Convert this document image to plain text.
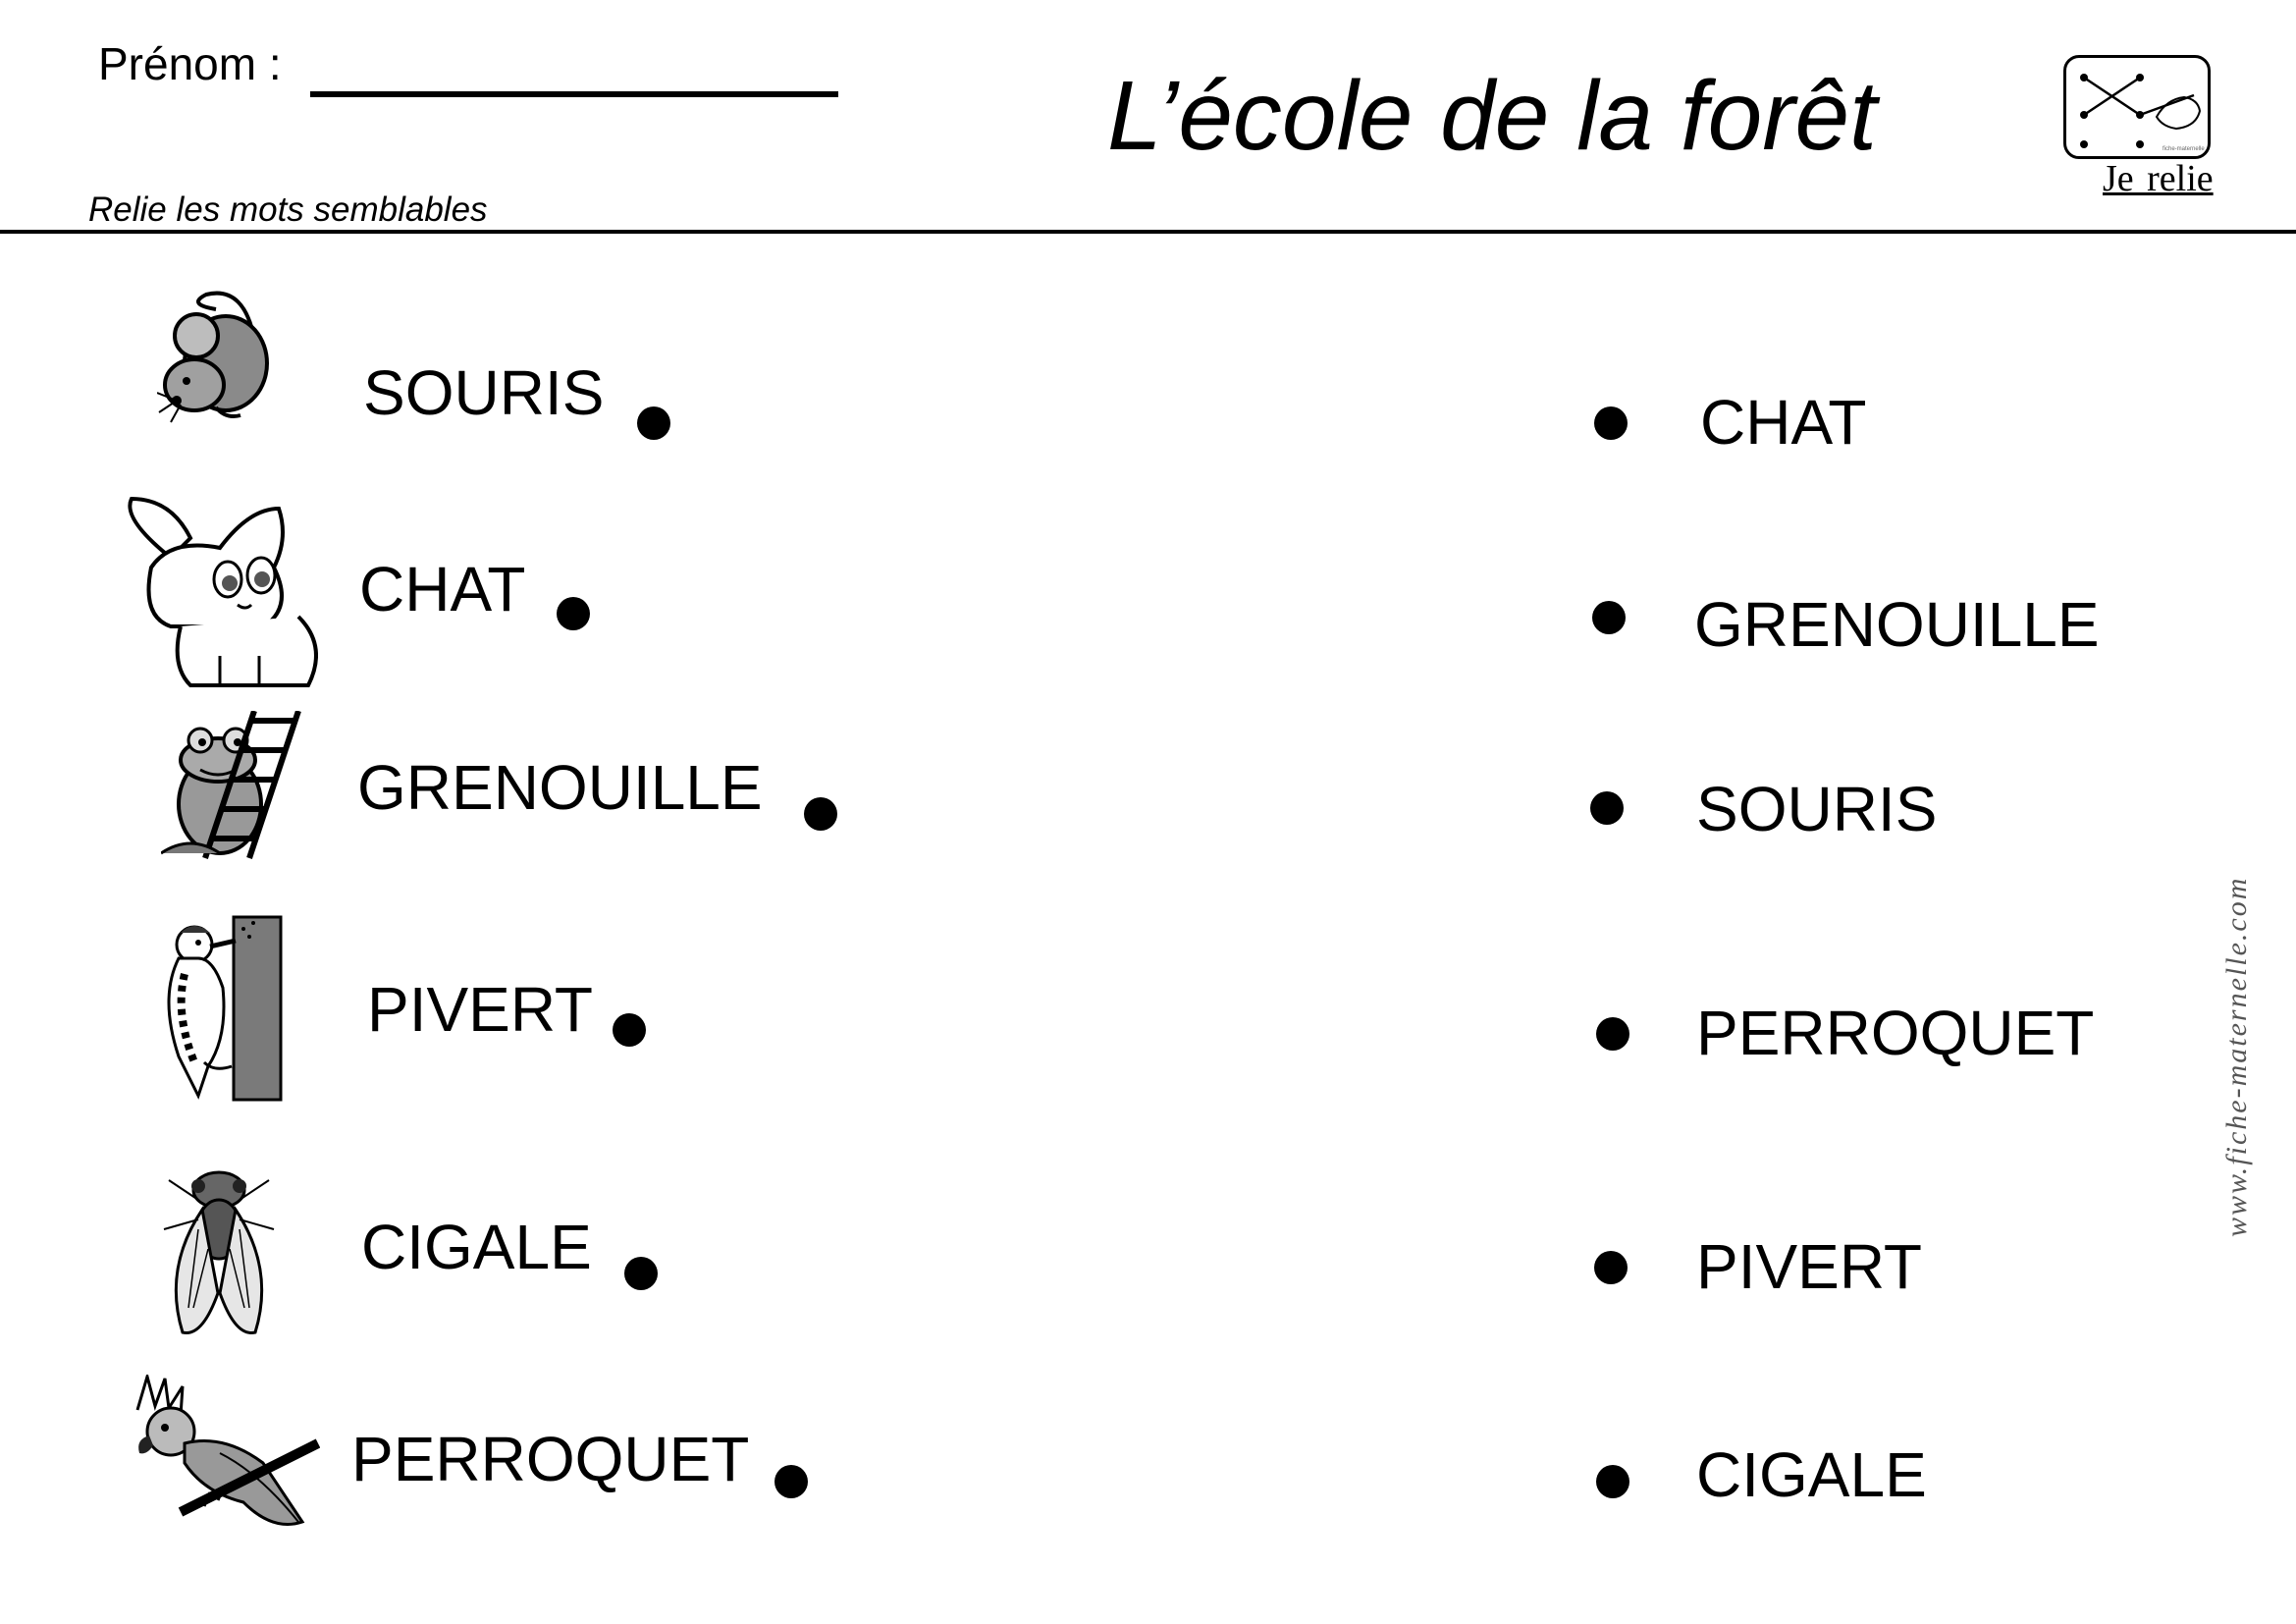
Prénom :	L’école de la forêt
Relie les mots semblables
fiche-maternelle
Je relie
www.fiche-maternelle.com
SOURIS
CHAT
GRENOUILLE
PIVERT
CIGALE
PERROQUET
CHAT
GRENOUILLE
SOURIS
PERROQUET
PIVERT
CIGALE
